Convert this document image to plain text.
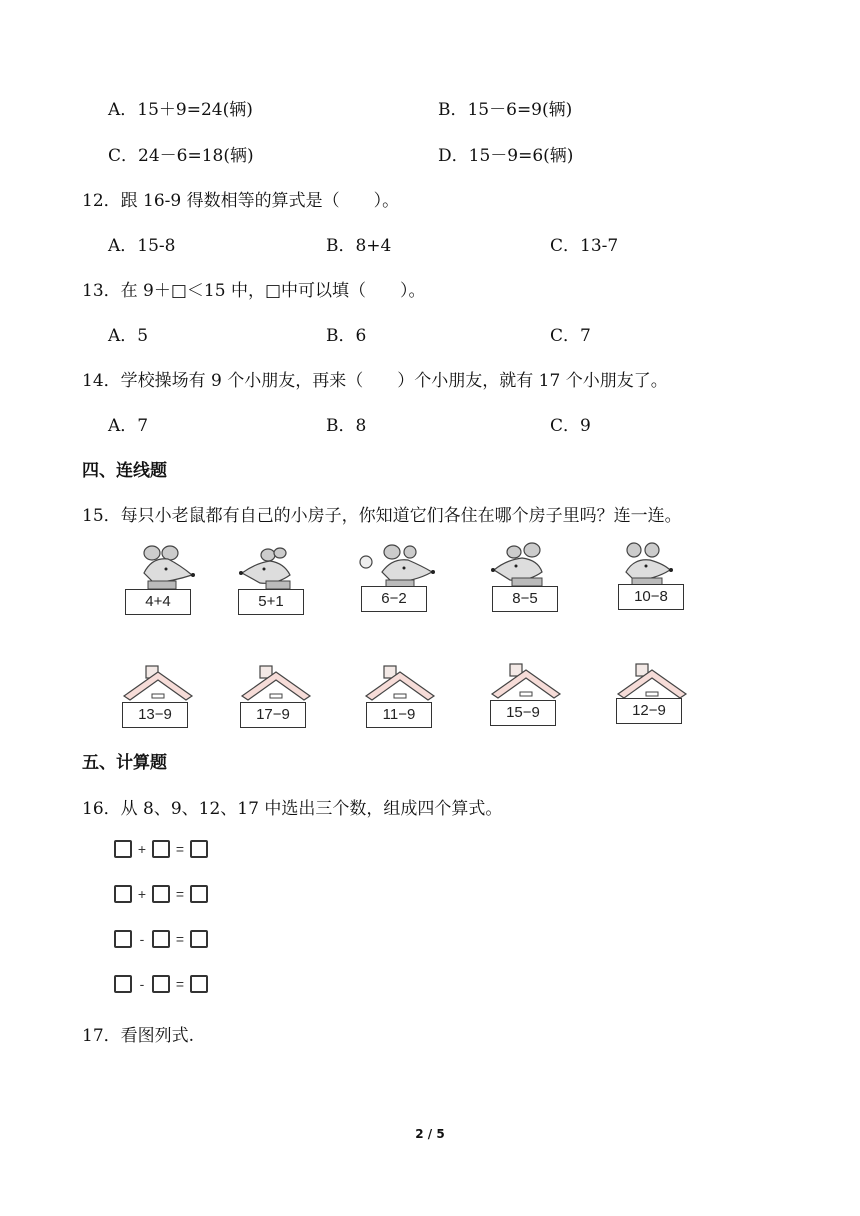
A．15＋9=24(辆)	B．15－6=9(辆)
C．24－6=18(辆)	D．15－9=6(辆)
12．跟 16-9 得数相等的算式是（　　）。
A．15-8	B．8+4	C．13-7
13．在 9＋□＜15 中，□中可以填（　　）。
A．5	B．6	C．7
14．学校操场有 9 个小朋友，再来（　　）个小朋友，就有 17 个小朋友了。
A．7	B．8	C．9
四、连线题
15．每只小老鼠都有自己的小房子，你知道它们各住在哪个房子里吗？连一连。
4+4	5+1	6−2	8−5	10−8
13−9	17−9	11−9	15−9	12−9
五、计算题
16．从 8、9、12、17 中选出三个数，组成四个算式。
+	=
+	=
-	=
-	=
17．看图列式.
2 / 5
